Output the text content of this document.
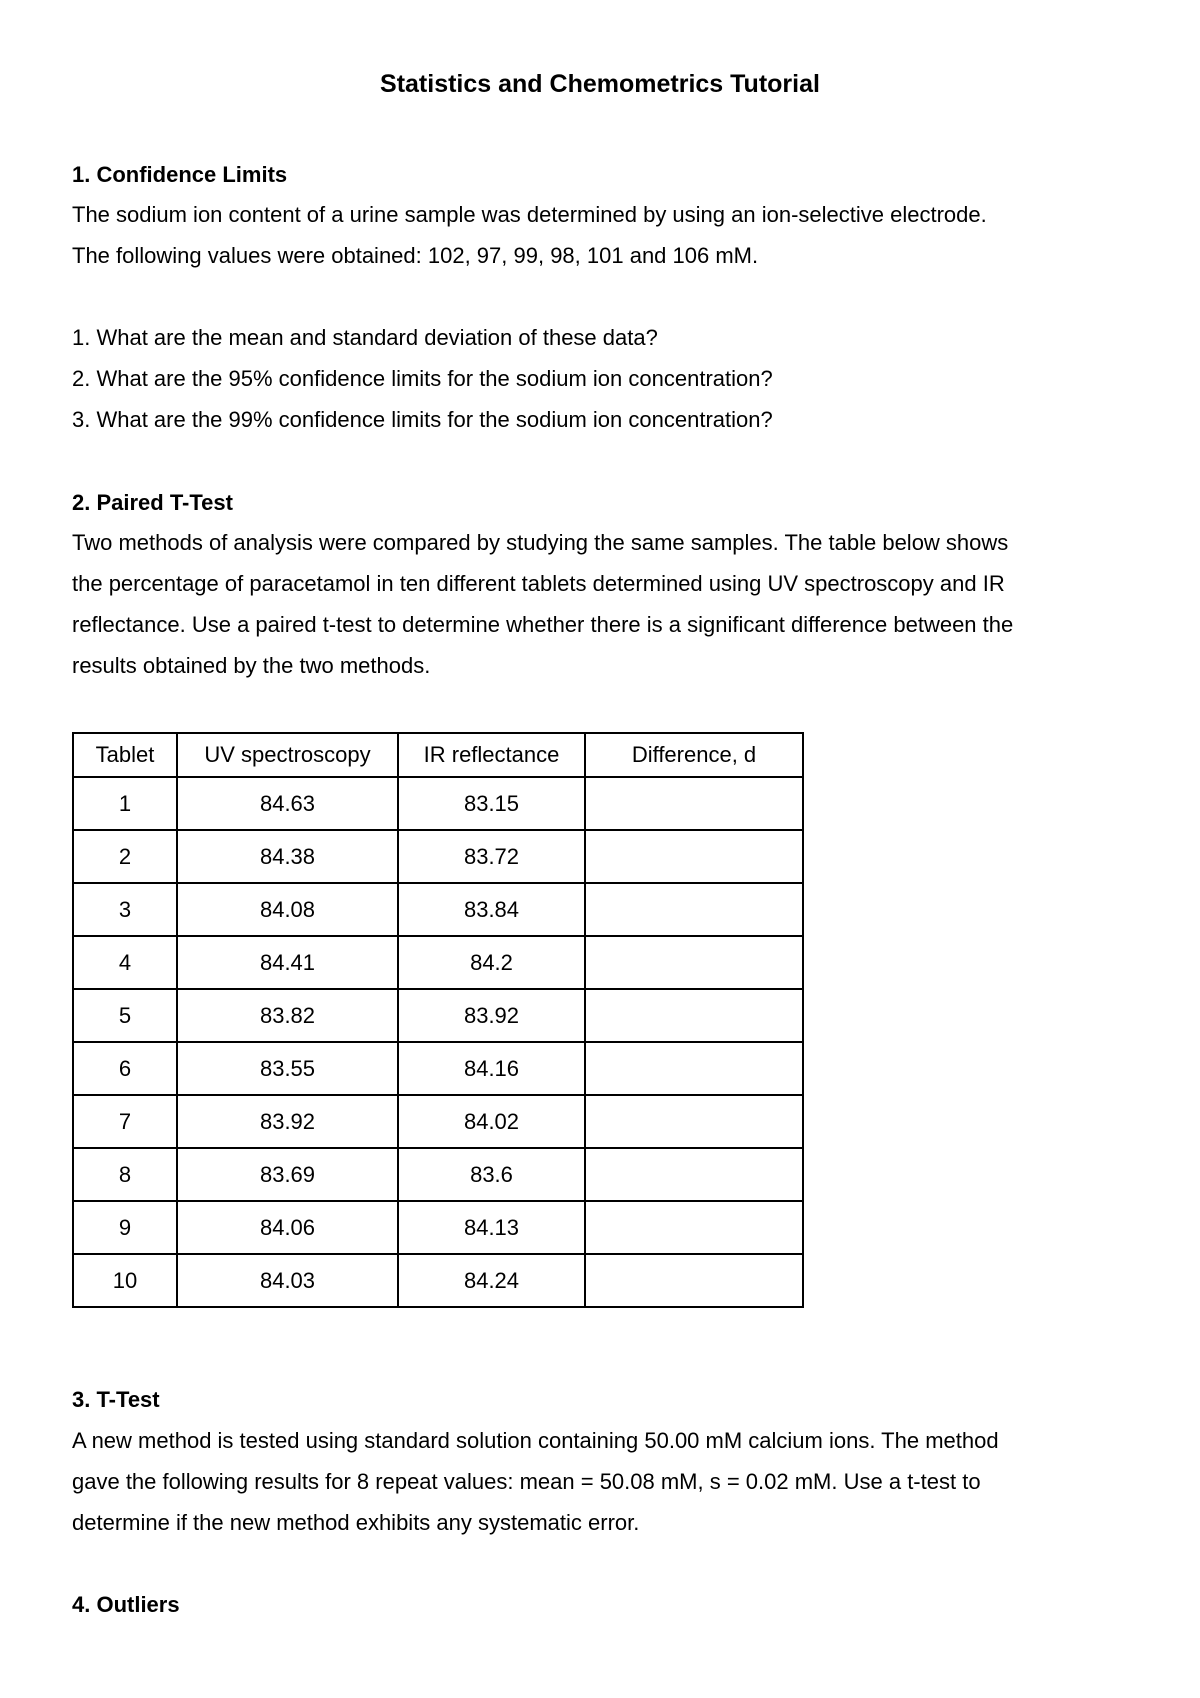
Statistics and Chemometrics Tutorial
1. Confidence Limits
The sodium ion content of a urine sample was determined by using an ion-selective electrode.
The following values were obtained: 102, 97, 99, 98, 101 and 106 mM.
1. What are the mean and standard deviation of these data?
2. What are the 95% confidence limits for the sodium ion concentration?
3. What are the 99% confidence limits for the sodium ion concentration?
2. Paired T-Test
Two methods of analysis were compared by studying the same samples. The table below shows
the percentage of paracetamol in ten different tablets determined using UV spectroscopy and IR
reflectance. Use a paired t-test to determine whether there is a significant difference between the
results obtained by the two methods.
Tablet	UV spectroscopy	IR reflectance	Difference, d
1	84.63	83.15	
2	84.38	83.72	
3	84.08	83.84	
4	84.41	84.2	
5	83.82	83.92	
6	83.55	84.16	
7	83.92	84.02	
8	83.69	83.6	
9	84.06	84.13	
10	84.03	84.24	
3. T-Test
A new method is tested using standard solution containing 50.00 mM calcium ions. The method
gave the following results for 8 repeat values: mean = 50.08 mM, s = 0.02 mM. Use a t-test to
determine if the new method exhibits any systematic error.
4. Outliers
